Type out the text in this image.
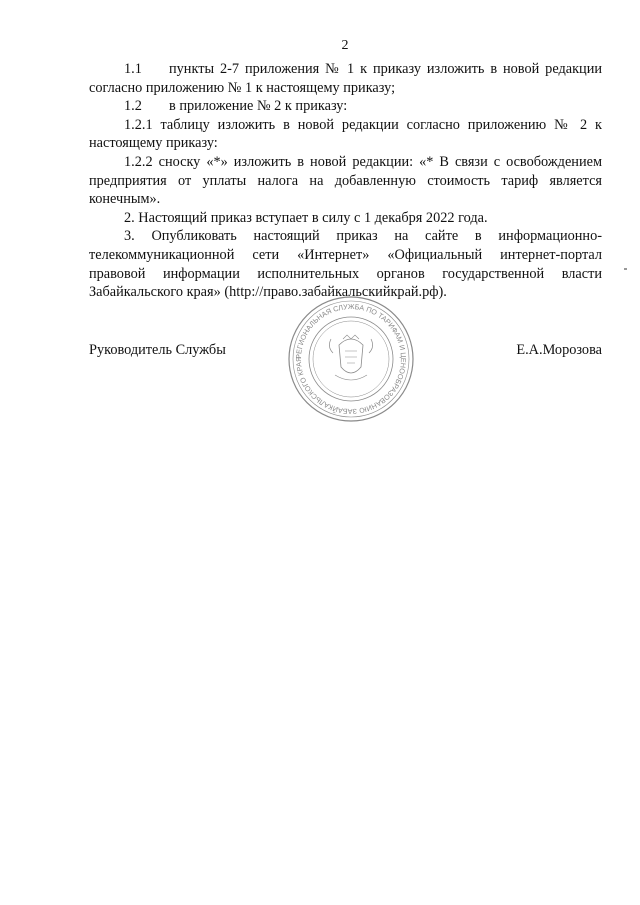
2

1.1 пункты 2-7 приложения № 1 к приказу изложить в новой редакции согласно приложению № 1 к настоящему приказу;

1.2 в приложение № 2 к приказу:

1.2.1 таблицу изложить в новой редакции согласно приложению № 2 к настоящему приказу:

1.2.2 сноску «*» изложить в новой редакции: «* В связи с освобождением предприятия от уплаты налога на добавленную стоимость тариф является конечным».

2. Настоящий приказ вступает в силу с 1 декабря 2022 года.

3. Опубликовать настоящий приказ на сайте в информационно-телекоммуникационной сети «Интернет» «Официальный интернет-портал правовой информации исполнительных органов государственной власти Забайкальского края» (http://право.забайкальскийкрай.рф).

Руководитель Службы	Е.А.Морозова
РЕГИОНАЛЬНАЯ СЛУЖБА ПО ТАРИФАМ И ЦЕНООБРАЗОВАНИЮ ЗАБАЙКАЛЬСКОГО КРАЯ
